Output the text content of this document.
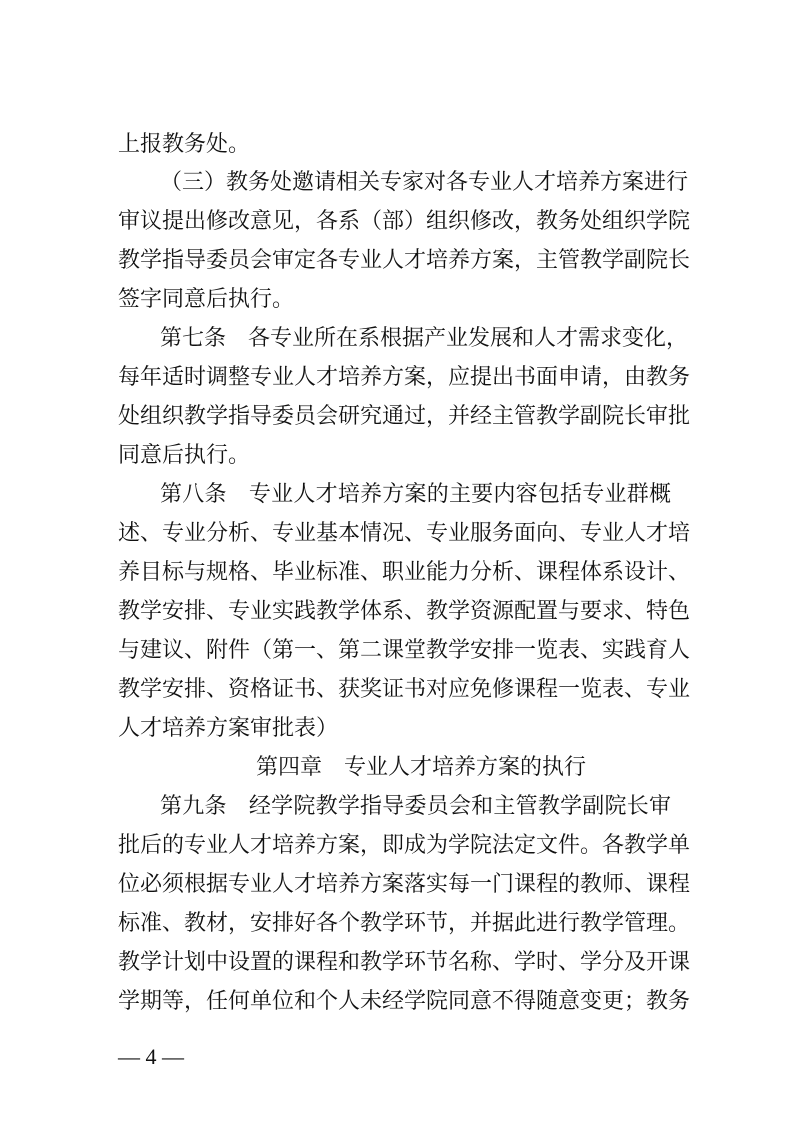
上报教务处。
（三）教务处邀请相关专家对各专业人才培养方案进行
审议提出修改意见，各系（部）组织修改，教务处组织学院
教学指导委员会审定各专业人才培养方案，主管教学副院长
签字同意后执行。
第七条　各专业所在系根据产业发展和人才需求变化，
每年适时调整专业人才培养方案，应提出书面申请，由教务
处组织教学指导委员会研究通过，并经主管教学副院长审批
同意后执行。
第八条　专业人才培养方案的主要内容包括专业群概
述、专业分析、专业基本情况、专业服务面向、专业人才培
养目标与规格、毕业标准、职业能力分析、课程体系设计、
教学安排、专业实践教学体系、教学资源配置与要求、特色
与建议、附件（第一、第二课堂教学安排一览表、实践育人
教学安排、资格证书、获奖证书对应免修课程一览表、专业
人才培养方案审批表）
第四章　专业人才培养方案的执行
第九条　经学院教学指导委员会和主管教学副院长审
批后的专业人才培养方案，即成为学院法定文件。各教学单
位必须根据专业人才培养方案落实每一门课程的教师、课程
标准、教材，安排好各个教学环节，并据此进行教学管理。
教学计划中设置的课程和教学环节名称、学时、学分及开课
学期等，任何单位和个人未经学院同意不得随意变更；教务
— 4 —
